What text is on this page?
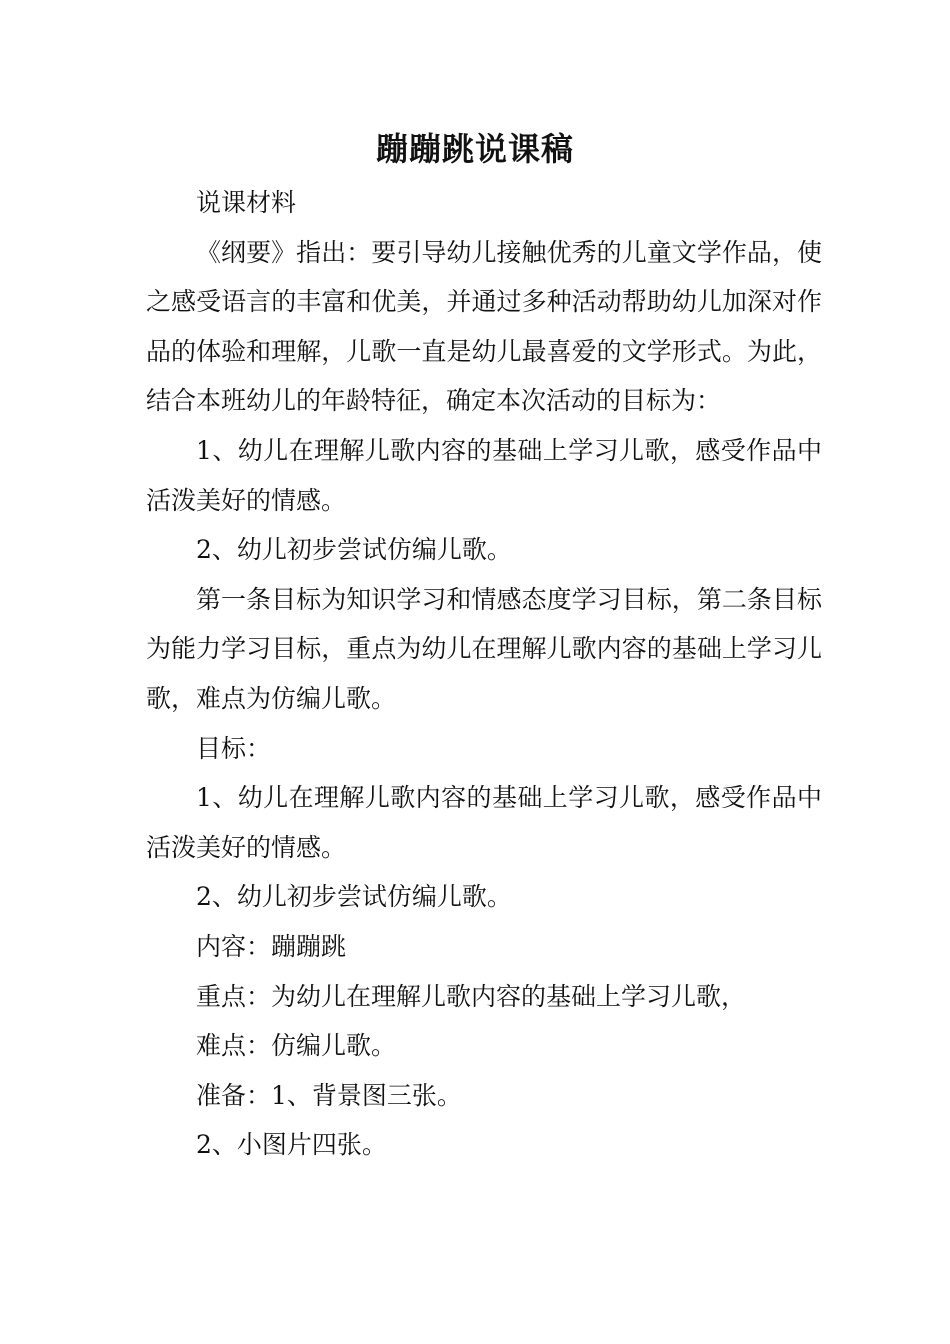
蹦蹦跳说课稿

说课材料

《纲要》指出：要引导幼儿接触优秀的儿童文学作品，使之感受语言的丰富和优美，并通过多种活动帮助幼儿加深对作品的体验和理解，儿歌一直是幼儿最喜爱的文学形式。为此，结合本班幼儿的年龄特征，确定本次活动的目标为：

1、幼儿在理解儿歌内容的基础上学习儿歌，感受作品中活泼美好的情感。

2、幼儿初步尝试仿编儿歌。

第一条目标为知识学习和情感态度学习目标，第二条目标为能力学习目标，重点为幼儿在理解儿歌内容的基础上学习儿歌，难点为仿编儿歌。

目标：

1、幼儿在理解儿歌内容的基础上学习儿歌，感受作品中活泼美好的情感。

2、幼儿初步尝试仿编儿歌。

内容：蹦蹦跳

重点：为幼儿在理解儿歌内容的基础上学习儿歌，

难点：仿编儿歌。

准备：1、背景图三张。

2、小图片四张。
